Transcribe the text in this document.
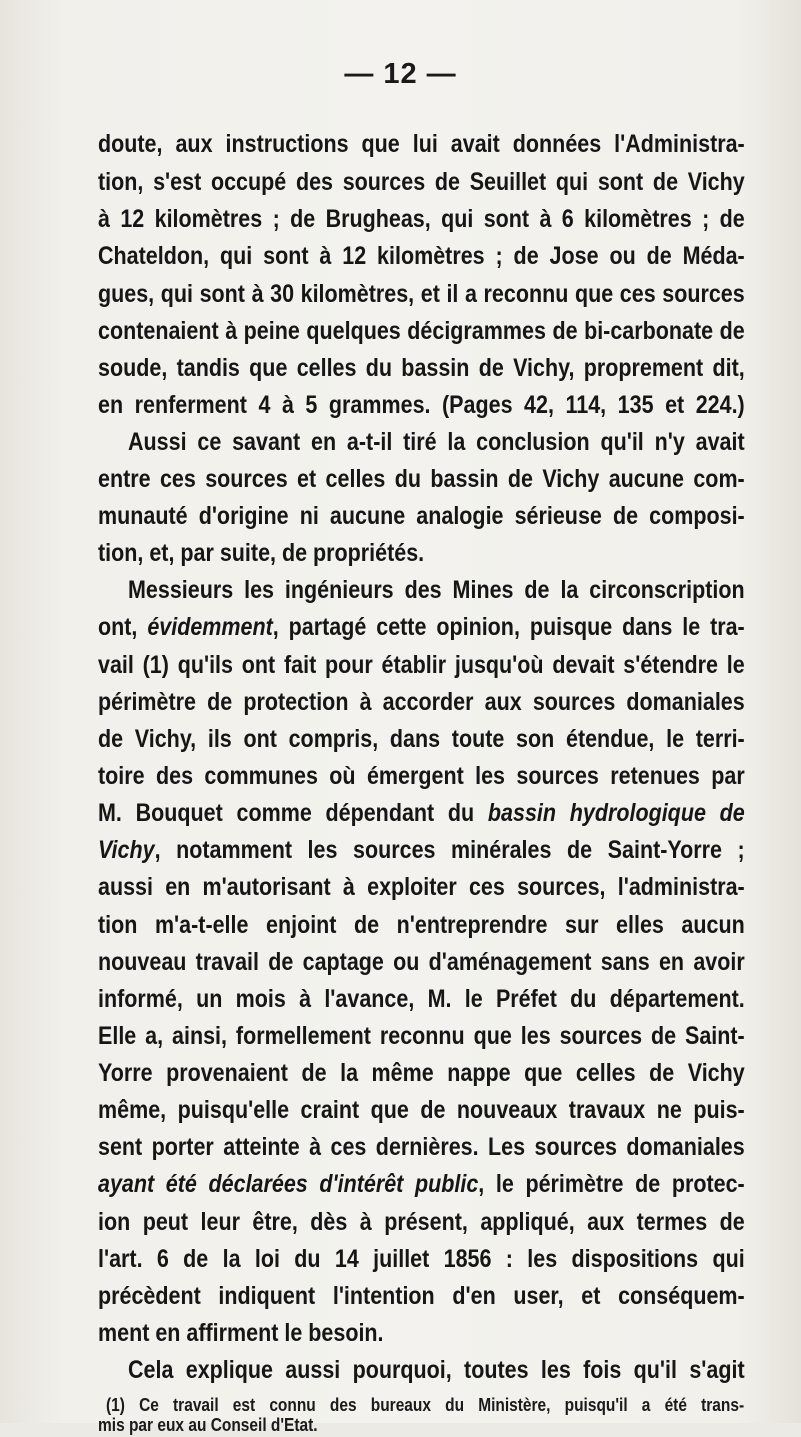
— 12 —
doute, aux instructions que lui avait données l'Administra-
tion, s'est occupé des sources de Seuillet qui sont de Vichy
à 12 kilomètres ; de Brugheas, qui sont à 6 kilomètres ; de
Chateldon, qui sont à 12 kilomètres ; de Jose ou de Méda-
gues, qui sont à 30 kilomètres, et il a reconnu que ces sources
contenaient à peine quelques décigrammes de bi-carbonate de
soude, tandis que celles du bassin de Vichy, proprement dit,
en renferment 4 à 5 grammes. (Pages 42, 114, 135 et 224.)
Aussi ce savant en a-t-il tiré la conclusion qu'il n'y avait
entre ces sources et celles du bassin de Vichy aucune com-
munauté d'origine ni aucune analogie sérieuse de composi-
tion, et, par suite, de propriétés.
Messieurs les ingénieurs des Mines de la circonscription
ont, évidemment, partagé cette opinion, puisque dans le tra-
vail (1) qu'ils ont fait pour établir jusqu'où devait s'étendre le
périmètre de protection à accorder aux sources domaniales
de Vichy, ils ont compris, dans toute son étendue, le terri-
toire des communes où émergent les sources retenues par
M. Bouquet comme dépendant du bassin hydrologique de
Vichy, notamment les sources minérales de Saint-Yorre ;
aussi en m'autorisant à exploiter ces sources, l'administra-
tion m'a-t-elle enjoint de n'entreprendre sur elles aucun
nouveau travail de captage ou d'aménagement sans en avoir
informé, un mois à l'avance, M. le Préfet du département.
Elle a, ainsi, formellement reconnu que les sources de Saint-
Yorre provenaient de la même nappe que celles de Vichy
même, puisqu'elle craint que de nouveaux travaux ne puis-
sent porter atteinte à ces dernières. Les sources domaniales
ayant été déclarées d'intérêt public, le périmètre de protec-
ion peut leur être, dès à présent, appliqué, aux termes de
l'art. 6 de la loi du 14 juillet 1856 : les dispositions qui
précèdent indiquent l'intention d'en user, et conséquem-
ment en affirment le besoin.
Cela explique aussi pourquoi, toutes les fois qu'il s'agit
(1) Ce travail est connu des bureaux du Ministère, puisqu'il a été trans-
mis par eux au Conseil d'Etat.
